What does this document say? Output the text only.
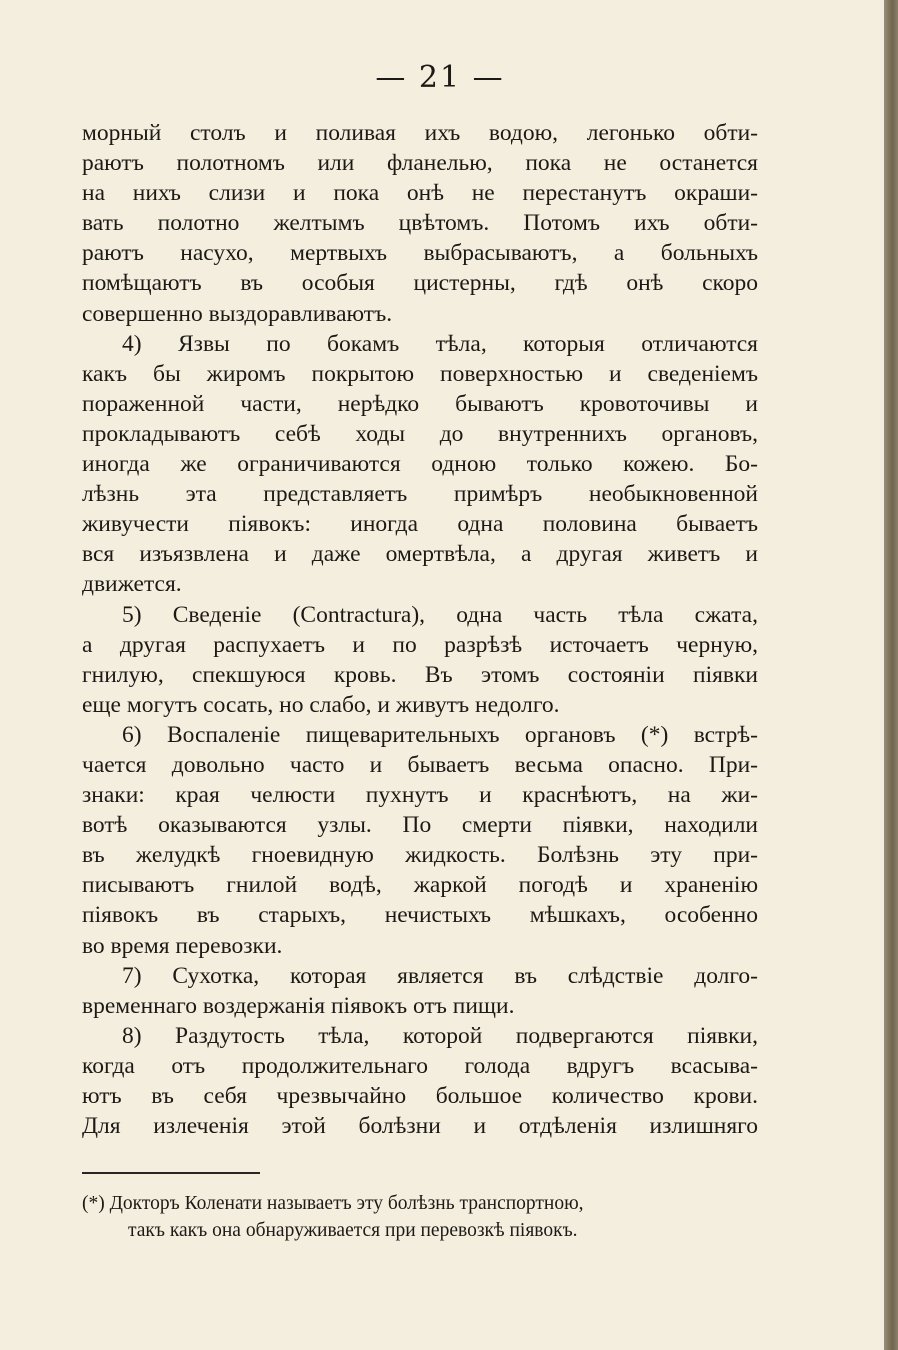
— 21 —
морный столъ и поливая ихъ водою, легонько обти-
раютъ полотномъ или фланелью, пока не останется
на нихъ слизи и пока онѣ не перестанутъ окраши-
вать полотно желтымъ цвѣтомъ. Потомъ ихъ обти-
раютъ насухо, мертвыхъ выбрасываютъ, а больныхъ
помѣщаютъ въ особыя цистерны, гдѣ онѣ скоро
совершенно выздоравливаютъ.
4) Язвы по бокамъ тѣла, которыя отличаются
какъ бы жиромъ покрытою поверхностью и сведенiемъ
пораженной части, нерѣдко бываютъ кровоточивы и
прокладываютъ себѣ ходы до внутреннихъ органовъ,
иногда же ограничиваются одною только кожею. Бо-
лѣзнь эта представляетъ примѣръ необыкновенной
живучести пiявокъ: иногда одна половина бываетъ
вся изъязвлена и даже омертвѣла, а другая живетъ и
движется.
5) Сведенiе (Contractura), одна часть тѣла сжата,
а другая распухаетъ и по разрѣзѣ источаетъ черную,
гнилую, спекшуюся кровь. Въ этомъ состоянiи пiявки
еще могутъ сосать, но слабо, и живутъ недолго.
6) Воспаленiе пищеварительныхъ органовъ (*) встрѣ-
чается довольно часто и бываетъ весьма опасно. При-
знаки: края челюсти пухнутъ и краснѣютъ, на жи-
вотѣ оказываются узлы. По смерти пiявки, находили
въ желудкѣ гноевидную жидкость. Болѣзнь эту при-
писываютъ гнилой водѣ, жаркой погодѣ и храненiю
пiявокъ въ старыхъ, нечистыхъ мѣшкахъ, особенно
во время перевозки.
7) Сухотка, которая является въ слѣдствiе долго-
временнаго воздержанiя пiявокъ отъ пищи.
8) Раздутость тѣла, которой подвергаются пiявки,
когда отъ продолжительнаго голода вдругъ всасыва-
ютъ въ себя чрезвычайно большое количество крови.
Для излеченiя этой болѣзни и отдѣленiя излишняго
(*) Докторъ Коленати называетъ эту болѣзнь транспортною,
такъ какъ она обнаруживается при перевозкѣ пiявокъ.
